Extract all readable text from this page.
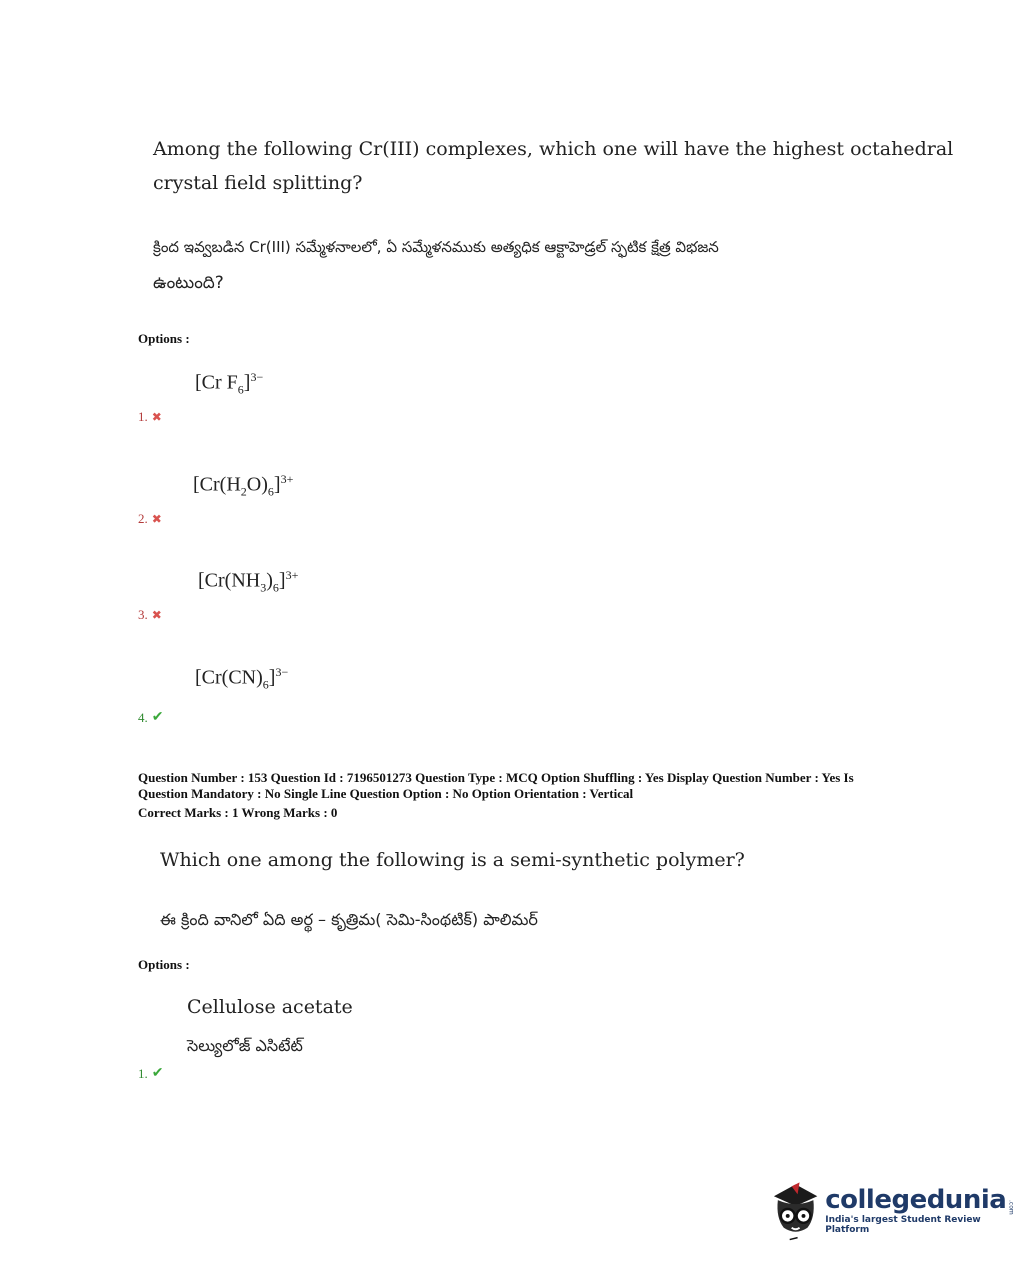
Among the following Cr(III) complexes, which one will have the highest octahedral
crystal field splitting?
క్రింద ఇవ్వబడిన Cr(III) సమ్మేళనాలలో, ఏ సమ్మేళనముకు అత్యధిక ఆక్టాహెడ్రల్ స్ఫటిక క్షేత్ర విభజన
ఉంటుంది?
Options :
[Cr $F_6]^{3-}$
1. ✖
$[Cr(H_2O)_6]^{3+}$
2. ✖
$[Cr(NH_3)_6]^{3+}$
3. ✖
$[Cr(CN)_6]^{3-}$
4. ✔
Question Number : 153 Question Id : 7196501273 Question Type : MCQ Option Shuffling : Yes Display Question Number : Yes Is
Question Mandatory : No Single Line Question Option : No Option Orientation : Vertical
Correct Marks : 1 Wrong Marks : 0
Which one among the following is a semi-synthetic polymer?
ఈ క్రింది వానిలో ఏది అర్థ – కృత్రిమ( సెమి-సింథటిక్) పాలిమర్
Options :
Cellulose acetate
సెల్యులోజ్ ఎసిటేట్
1. ✔
collegedunia .com
India's largest Student Review Platform
